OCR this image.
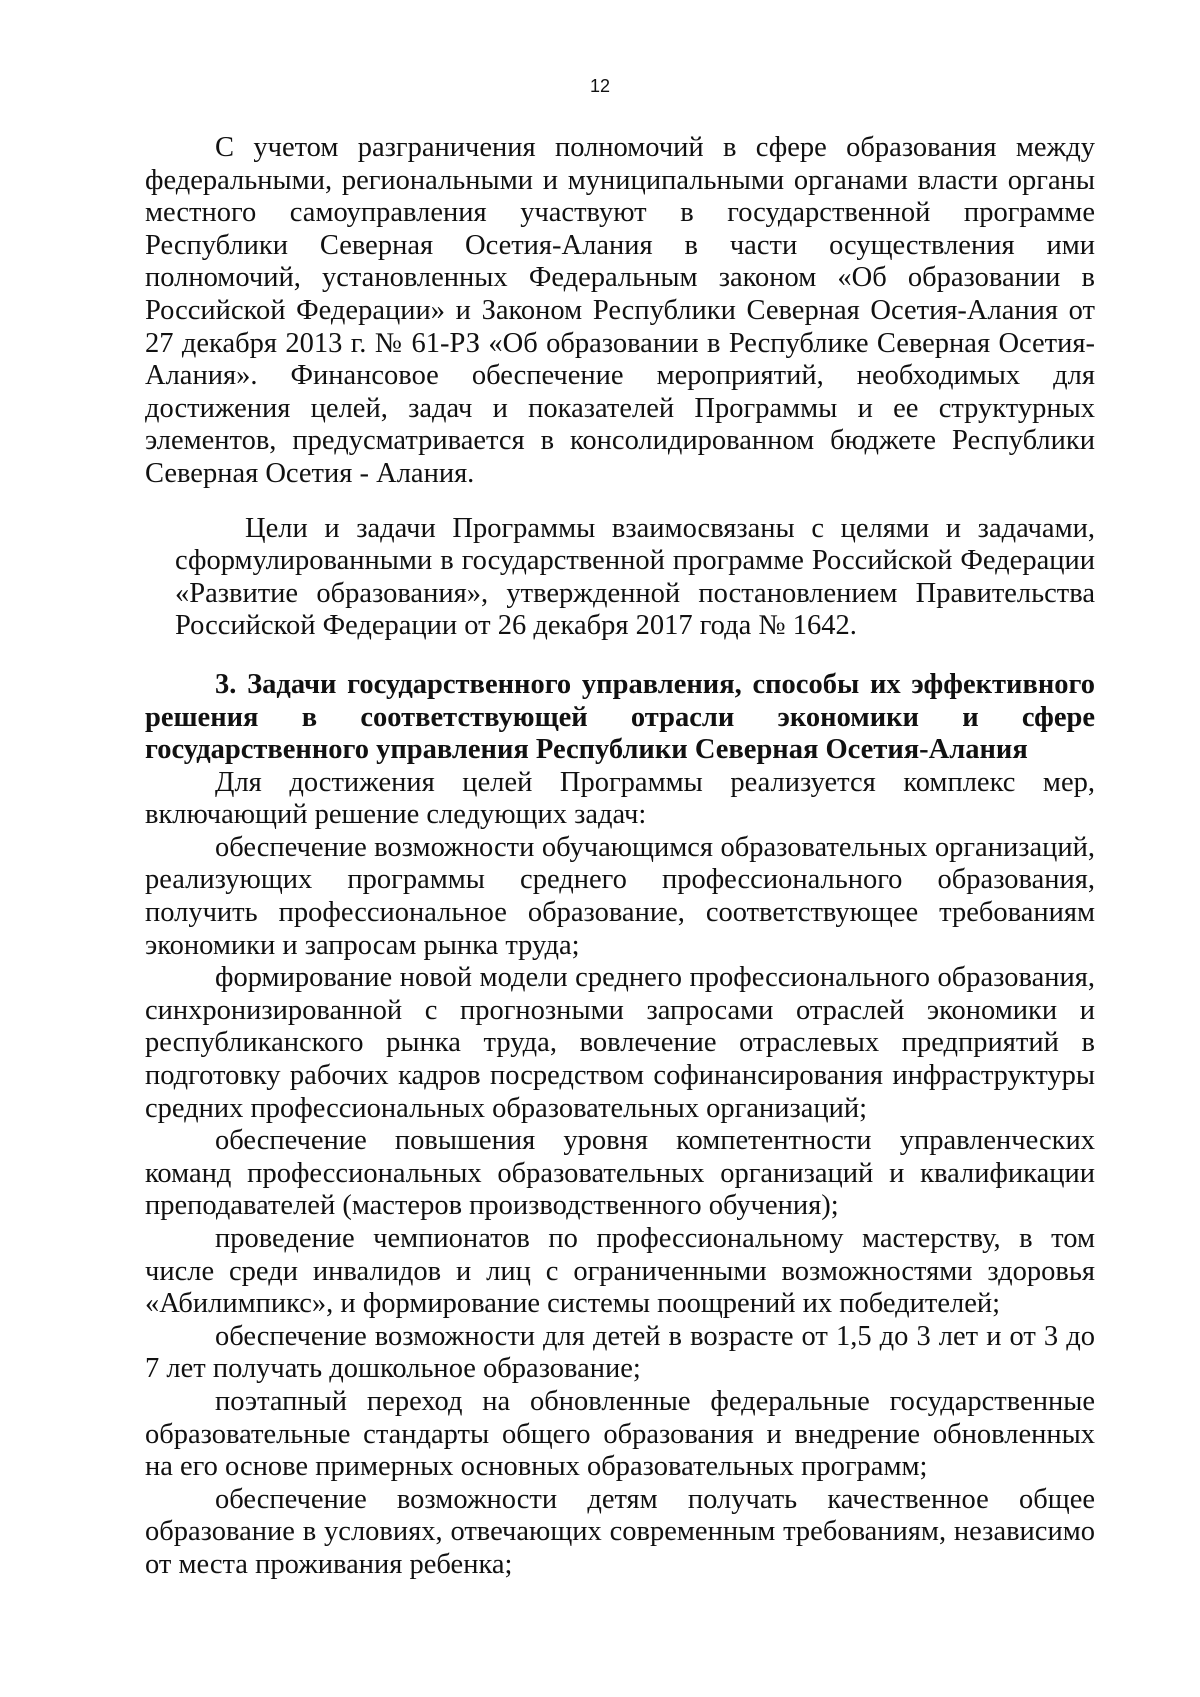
12

С учетом разграничения полномочий в сфере образования между федеральными, региональными и муниципальными органами власти органы местного самоуправления участвуют в государственной программе Республики Северная Осетия-Алания в части осуществления ими полномочий, установленных Федеральным законом «Об образовании в Российской Федерации» и Законом Республики Северная Осетия-Алания от 27 декабря 2013 г. № 61-РЗ «Об образовании в Республике Северная Осетия-Алания». Финансовое обеспечение мероприятий, необходимых для достижения целей, задач и показателей Программы и ее структурных элементов, предусматривается в консолидированном бюджете Республики Северная Осетия - Алания.

Цели и задачи Программы взаимосвязаны с целями и задачами, сформулированными в государственной программе Российской Федерации «Развитие образования», утвержденной постановлением Правительства Российской Федерации от 26 декабря 2017 года № 1642.

3. Задачи государственного управления, способы их эффективного решения в соответствующей отрасли экономики и сфере государственного управления Республики Северная Осетия-Алания

Для достижения целей Программы реализуется комплекс мер, включающий решение следующих задач:

обеспечение возможности обучающимся образовательных организаций, реализующих программы среднего профессионального образования, получить профессиональное образование, соответствующее требованиям экономики и запросам рынка труда;

формирование новой модели среднего профессионального образования, синхронизированной с прогнозными запросами отраслей экономики и республиканского рынка труда, вовлечение отраслевых предприятий в подготовку рабочих кадров посредством софинансирования инфраструктуры средних профессиональных образовательных организаций;

обеспечение повышения уровня компетентности управленческих команд профессиональных образовательных организаций и квалификации преподавателей (мастеров производственного обучения);

проведение чемпионатов по профессиональному мастерству, в том числе среди инвалидов и лиц с ограниченными возможностями здоровья «Абилимпикс», и формирование системы поощрений их победителей;

обеспечение возможности для детей в возрасте от 1,5 до 3 лет и от 3 до 7 лет получать дошкольное образование;

поэтапный переход на обновленные федеральные государственные образовательные стандарты общего образования и внедрение обновленных на его основе примерных основных образовательных программ;

обеспечение возможности детям получать качественное общее образование в условиях, отвечающих современным требованиям, независимо от места проживания ребенка;
